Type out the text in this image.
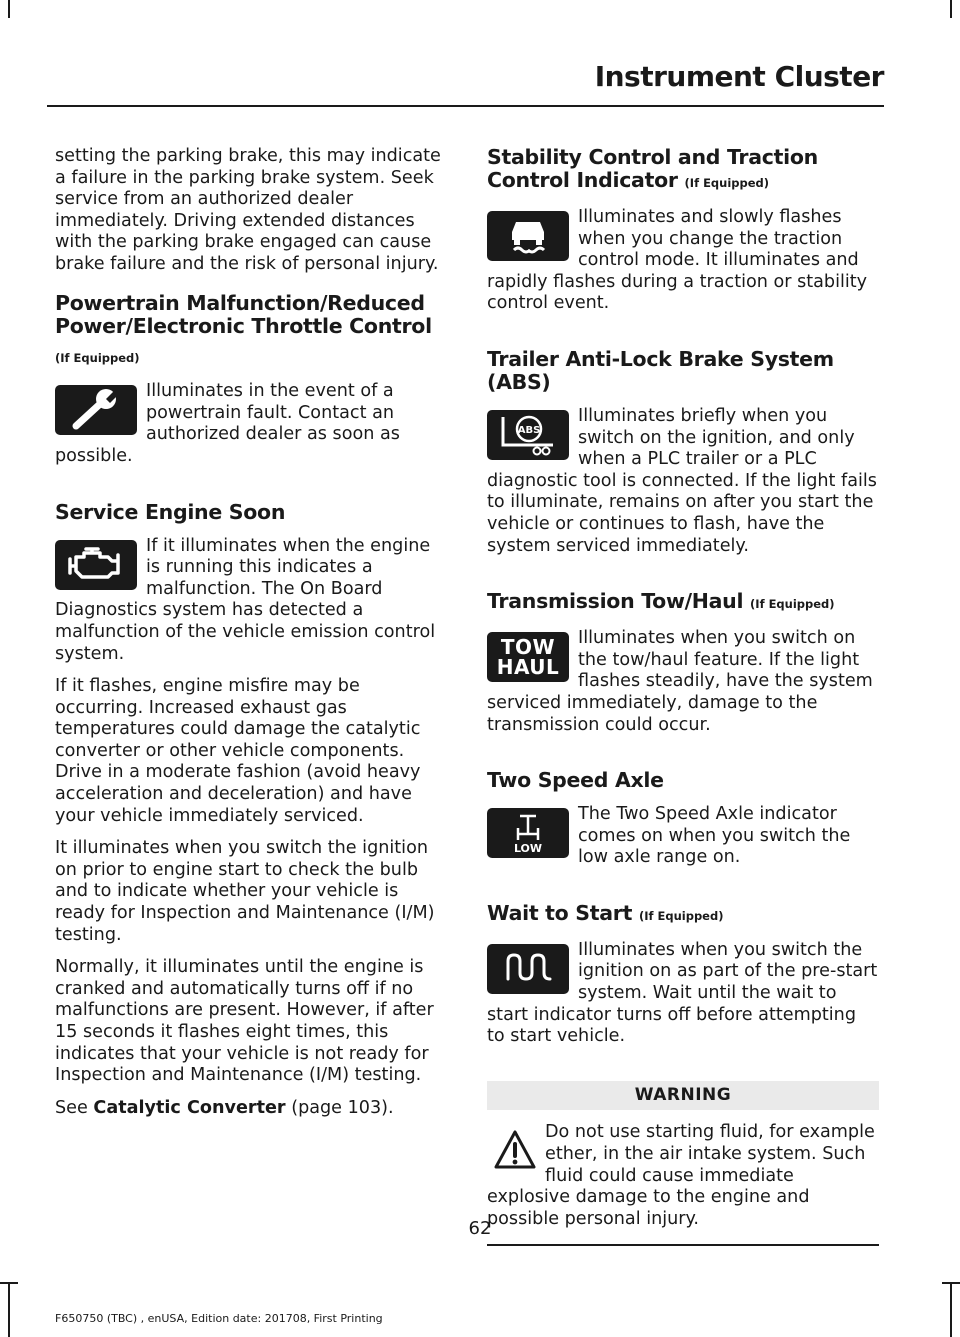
Instrument Cluster

setting the parking brake, this may indicate a failure in the parking brake system. Seek service from an authorized dealer immediately. Driving extended distances with the parking brake engaged can cause brake failure and the risk of personal injury.

Powertrain Malfunction/Reduced Power/Electronic Throttle Control
(If Equipped)

Illuminates in the event of a powertrain fault. Contact an authorized dealer as soon as possible.

Service Engine Soon

If it illuminates when the engine is running this indicates a malfunction. The On Board Diagnostics system has detected a malfunction of the vehicle emission control system.

If it flashes, engine misfire may be occurring. Increased exhaust gas temperatures could damage the catalytic converter or other vehicle components. Drive in a moderate fashion (avoid heavy acceleration and deceleration) and have your vehicle immediately serviced.

It illuminates when you switch the ignition on prior to engine start to check the bulb and to indicate whether your vehicle is ready for Inspection and Maintenance (I/M) testing.

Normally, it illuminates until the engine is cranked and automatically turns off if no malfunctions are present. However, if after 15 seconds it flashes eight times, this indicates that your vehicle is not ready for Inspection and Maintenance (I/M) testing.

See Catalytic Converter (page 103).

Stability Control and Traction Control Indicator (If Equipped)

Illuminates and slowly flashes when you change the traction control mode. It illuminates and rapidly flashes during a traction or stability control event.

Trailer Anti-Lock Brake System (ABS)
ABS

Illuminates briefly when you switch on the ignition, and only when a PLC trailer or a PLC diagnostic tool is connected. If the light fails to illuminate, remains on after you start the vehicle or continues to flash, have the system serviced immediately.

Transmission Tow/Haul (If Equipped)
TOW
HAUL

Illuminates when you switch on the tow/haul feature. If the light flashes steadily, have the system serviced immediately, damage to the transmission could occur.

Two Speed Axle
LOW

The Two Speed Axle indicator comes on when you switch the low axle range on.

Wait to Start (If Equipped)

Illuminates when you switch the ignition on as part of the pre-start system. Wait until the wait to start indicator turns off before attempting to start vehicle.

WARNING

Do not use starting fluid, for example ether, in the air intake system. Such fluid could cause immediate explosive damage to the engine and possible personal injury.

62
F650750 (TBC) , enUSA, Edition date: 201708, First Printing
